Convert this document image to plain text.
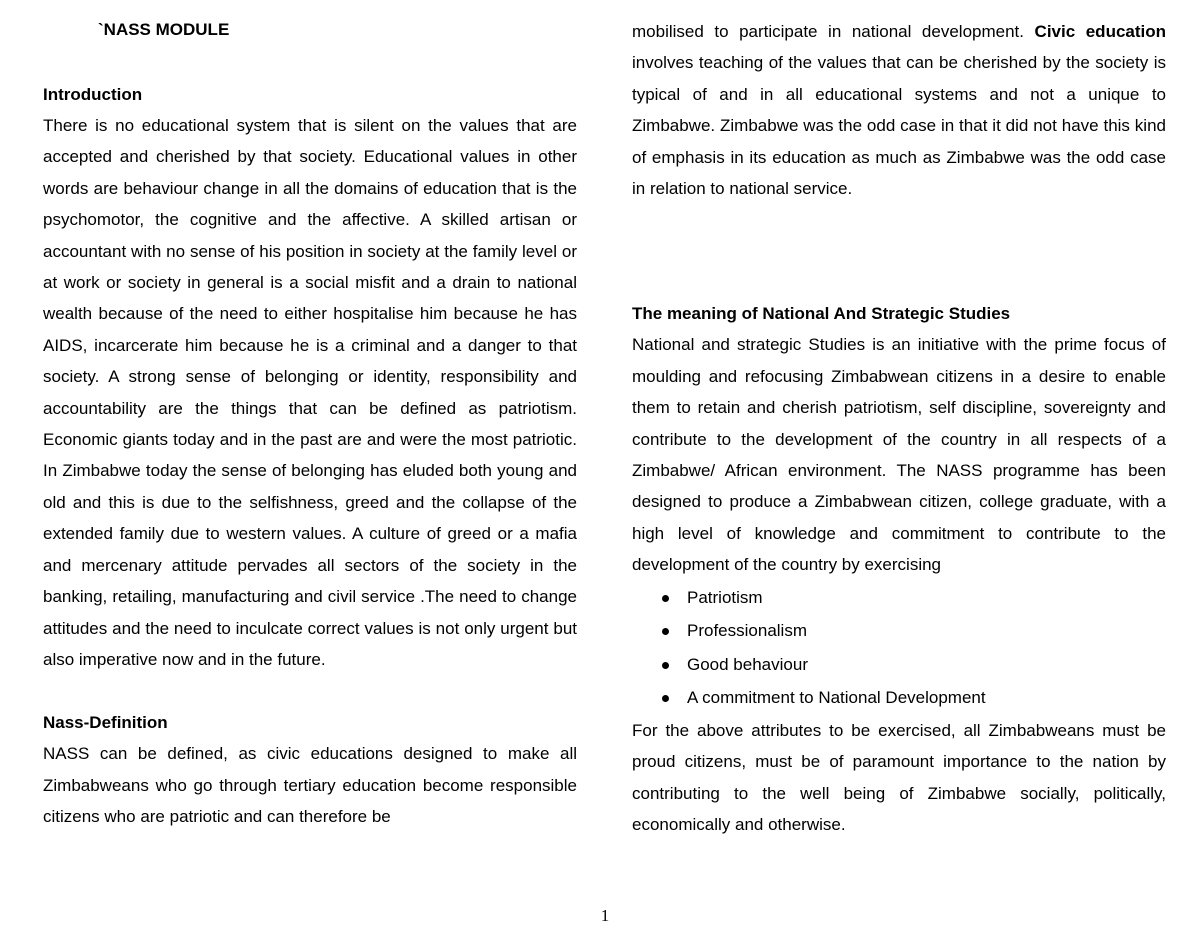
`NASS MODULE
Introduction

There is no educational system that is silent on the values that are accepted and cherished by that society. Educational values in other words are behaviour change in all the domains of education that is the psychomotor, the cognitive and the affective. A skilled artisan or accountant with no sense of his position in society at the family level or at work or society in general is a social misfit and a drain to national wealth because of the need to either hospitalise him because he has AIDS, incarcerate him because he is a criminal and a danger to that society. A strong sense of belonging or identity, responsibility and accountability are the things that can be defined as patriotism. Economic giants today and in the past are and were the most patriotic. In Zimbabwe today the sense of belonging has eluded both young and old and this is due to the selfishness, greed and the collapse of the extended family due to western values. A culture of greed or a mafia and mercenary attitude pervades all sectors of the society in the banking, retailing, manufacturing and civil service .The need to change attitudes and the need to inculcate correct values is not only urgent but also imperative now and in the future.

Nass-Definition

NASS can be defined, as civic educations designed to make all Zimbabweans who go through tertiary education become responsible citizens who are patriotic and can therefore be

mobilised to participate in national development. Civic education involves teaching of the values that can be cherished by the society is typical of and in all educational systems and not a unique to Zimbabwe. Zimbabwe was the odd case in that it did not have this kind of emphasis in its education as much as Zimbabwe was the odd case in relation to national service.

The meaning of National And Strategic Studies

National and strategic Studies is an initiative with the prime focus of moulding and refocusing Zimbabwean citizens in a desire to enable them to retain and cherish patriotism, self discipline, sovereignty and contribute to the development of the country in all respects of a Zimbabwe/ African environment. The NASS programme has been designed to produce a Zimbabwean citizen, college graduate, with a high level of knowledge and commitment to contribute to the development of the country by exercising

Patriotism
Professionalism
Good behaviour
A commitment to National Development

For the above attributes to be exercised, all Zimbabweans must be proud citizens, must be of paramount importance to the nation by contributing to the well being of Zimbabwe socially, politically, economically and otherwise.

1
